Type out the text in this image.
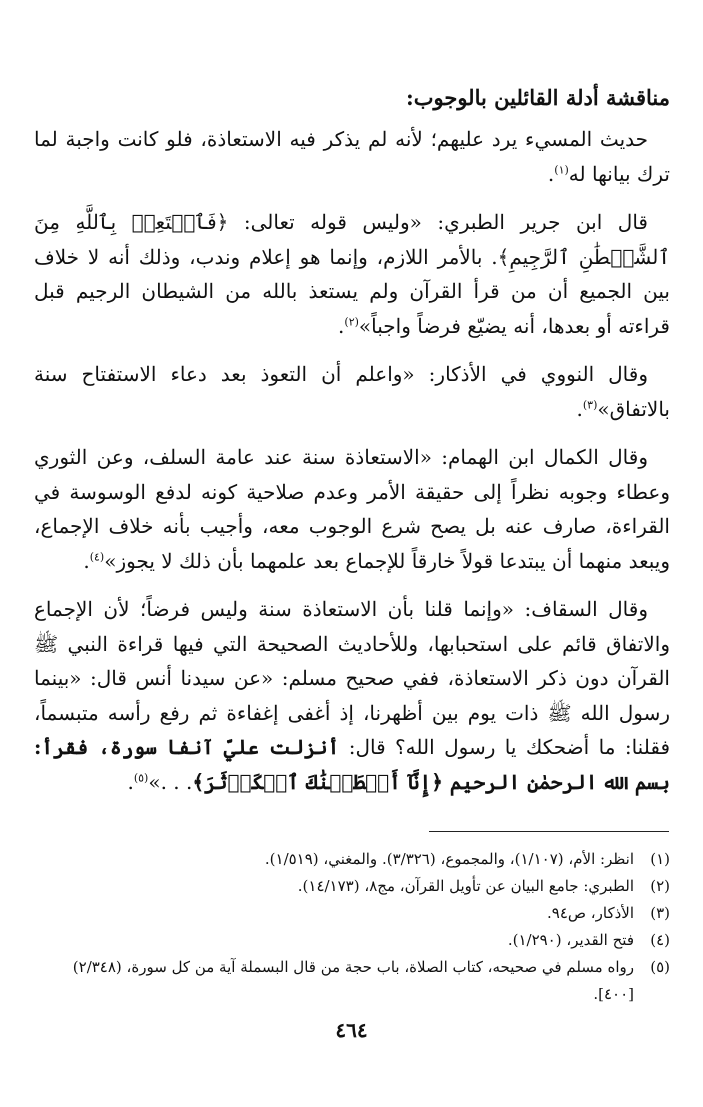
مناقشة أدلة القائلين بالوجوب:

حديث المسيء يرد عليهم؛ لأنه لم يذكر فيه الاستعاذة، فلو كانت واجبة لما ترك بيانها له$^{(١)}$.

قال ابن جرير الطبري: «وليس قوله تعالى: ﴿فَٱسۡتَعِذۡ بِٱللَّهِ مِنَ ٱلشَّيۡطَٰنِ ٱلرَّجِيمِ﴾. بالأمر اللازم، وإنما هو إعلام وندب، وذلك أنه لا خلاف بين الجميع أن من قرأ القرآن ولم يستعذ بالله من الشيطان الرجيم قبل قراءته أو بعدها، أنه يضيّع فرضاً واجباً»$^{(٢)}$.

وقال النووي في الأذكار: «واعلم أن التعوذ بعد دعاء الاستفتاح سنة بالاتفاق»$^{(٣)}$.

وقال الكمال ابن الهمام: «الاستعاذة سنة عند عامة السلف، وعن الثوري وعطاء وجوبه نظراً إلى حقيقة الأمر وعدم صلاحية كونه لدفع الوسوسة في القراءة، صارف عنه بل يصح شرع الوجوب معه، وأجيب بأنه خلاف الإجماع، ويبعد منهما أن يبتدعا قولاً خارقاً للإجماع بعد علمهما بأن ذلك لا يجوز»$^{(٤)}$.

وقال السقاف: «وإنما قلنا بأن الاستعاذة سنة وليس فرضاً؛ لأن الإجماع والاتفاق قائم على استحبابها، وللأحاديث الصحيحة التي فيها قراءة النبي ﷺ القرآن دون ذكر الاستعاذة، ففي صحيح مسلم: «عن سيدنا أنس قال: «بينما رسول الله ﷺ ذات يوم بين أظهرنا، إذ أغفى إغفاءة ثم رفع رأسه متبسماً، فقلنا: ما أضحكك يا رسول الله؟ قال: أنزلت عليّ آنفا سورة، فقرأ: بسم الله الرحمٰن الرحيم ﴿إِنَّآ أَعۡطَيۡنَٰكَ ٱلۡكَوۡثَرَ﴾. . .»$^{(٥)}$.

(١)
انظر: الأم، (١/١٠٧)، والمجموع، (٣/٣٢٦). والمغني، (١/٥١٩).
(٢)
الطبري: جامع البيان عن تأويل القرآن، مج٨، (١٤/١٧٣).
(٣)
الأذكار، ص٩٤.
(٤)
فتح القدير، (١/٢٩٠).
(٥)
رواه مسلم في صحيحه، كتاب الصلاة، باب حجة من قال البسملة آية من كل سورة، (٢/٣٤٨) [٤٠٠].
٤٦٤
